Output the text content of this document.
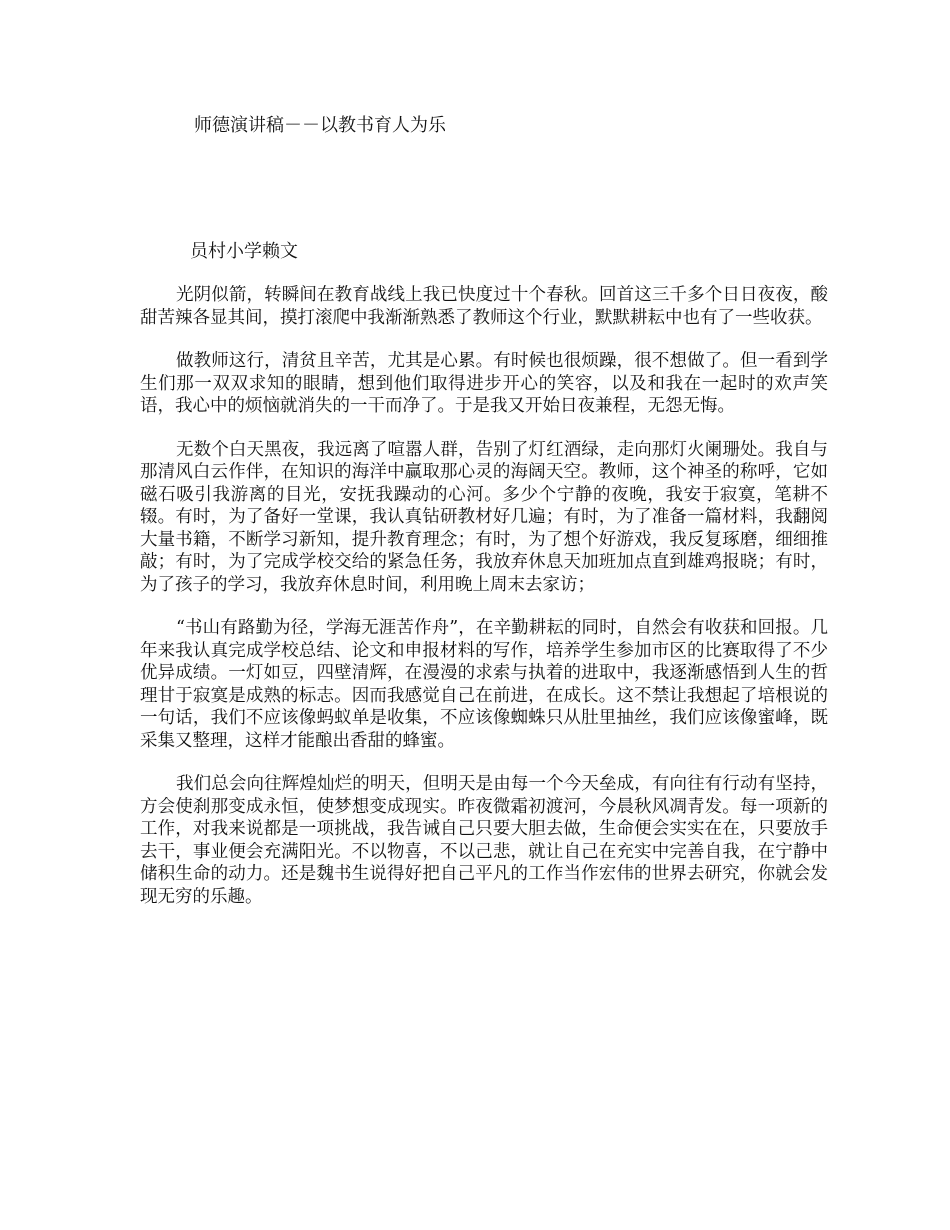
师德演讲稿－－以教书育人为乐

员村小学赖文

光阴似箭，转瞬间在教育战线上我已快度过十个春秋。回首这三千多个日日夜夜，酸甜苦辣各显其间，摸打滚爬中我渐渐熟悉了教师这个行业，默默耕耘中也有了一些收获。

做教师这行，清贫且辛苦，尤其是心累。有时候也很烦躁，很不想做了。但一看到学生们那一双双求知的眼睛，想到他们取得进步开心的笑容，以及和我在一起时的欢声笑语，我心中的烦恼就消失的一干而净了。于是我又开始日夜兼程，无怨无悔。

无数个白天黑夜，我远离了喧嚣人群，告别了灯红酒绿，走向那灯火阑珊处。我自与那清风白云作伴，在知识的海洋中赢取那心灵的海阔天空。教师，这个神圣的称呼，它如磁石吸引我游离的目光，安抚我躁动的心河。多少个宁静的夜晚，我安于寂寞，笔耕不辍。有时，为了备好一堂课，我认真钻研教材好几遍；有时，为了准备一篇材料，我翻阅大量书籍，不断学习新知，提升教育理念；有时，为了想个好游戏，我反复琢磨，细细推敲；有时，为了完成学校交给的紧急任务，我放弃休息天加班加点直到雄鸡报晓；有时，为了孩子的学习，我放弃休息时间，利用晚上周末去家访；

“书山有路勤为径，学海无涯苦作舟”，在辛勤耕耘的同时，自然会有收获和回报。几年来我认真完成学校总结、论文和申报材料的写作，培养学生参加市区的比赛取得了不少优异成绩。一灯如豆，四壁清辉，在漫漫的求索与执着的进取中，我逐渐感悟到人生的哲理甘于寂寞是成熟的标志。因而我感觉自己在前进，在成长。这不禁让我想起了培根说的一句话，我们不应该像蚂蚁单是收集，不应该像蜘蛛只从肚里抽丝，我们应该像蜜峰，既采集又整理，这样才能酿出香甜的蜂蜜。

我们总会向往辉煌灿烂的明天，但明天是由每一个今天垒成，有向往有行动有坚持，方会使刹那变成永恒，使梦想变成现实。昨夜微霜初渡河，今晨秋风凋青发。每一项新的工作，对我来说都是一项挑战，我告诫自己只要大胆去做，生命便会实实在在，只要放手去干，事业便会充满阳光。不以物喜，不以己悲，就让自己在充实中完善自我，在宁静中储积生命的动力。还是魏书生说得好把自己平凡的工作当作宏伟的世界去研究，你就会发现无穷的乐趣。
